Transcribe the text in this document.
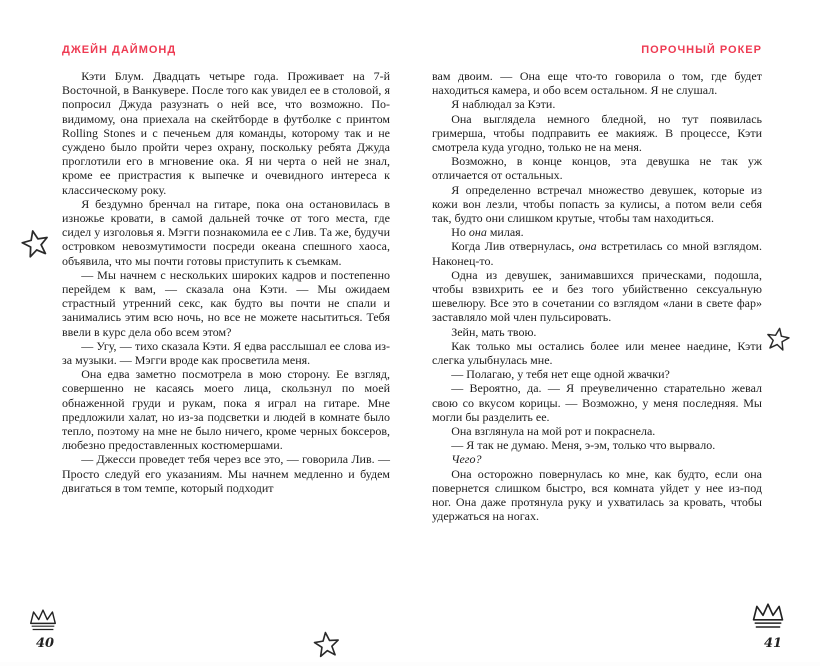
ДЖЕЙН ДАЙМОНД

Кэти Блум. Двадцать четыре года. Проживает на 7-й Восточной, в Ванкувере. После того как увидел ее в столовой, я попросил Джуда разузнать о ней все, что возможно. По-видимому, она приехала на скейтборде в футболке с принтом Rolling Stones и с печеньем для команды, которому так и не суждено было пройти через охрану, поскольку ребята Джуда проглотили его в мгновение ока. Я ни черта о ней не знал, кроме ее пристрастия к выпечке и очевидного интереса к классическому року.

Я бездумно бренчал на гитаре, пока она остановилась в изножье кровати, в самой дальней точке от того места, где сидел у изголовья я. Мэгги познакомила ее с Лив. Та же, будучи островком невозмутимости посреди океана спешного хаоса, объявила, что мы почти готовы приступить к съемкам.

— Мы начнем с нескольких широких кадров и постепенно перейдем к вам, — сказала она Кэти. — Мы ожидаем страстный утренний секс, как будто вы почти не спали и занимались этим всю ночь, но все не можете насытиться. Тебя ввели в курс дела обо всем этом?

— Угу, — тихо сказала Кэти. Я едва расслышал ее слова из-за музыки. — Мэгги вроде как просветила меня.

Она едва заметно посмотрела в мою сторону. Ее взгляд, совершенно не касаясь моего лица, скользнул по моей обнаженной груди и рукам, пока я играл на гитаре. Мне предложили халат, но из-за подсветки и людей в комнате было тепло, поэтому на мне не было ничего, кроме черных боксеров, любезно предоставленных костюмершами.

— Джесси проведет тебя через все это, — говорила Лив. — Просто следуй его указаниям. Мы начнем медленно и будем двигаться в том темпе, который подходит

ПОРОЧНЫЙ РОКЕР

вам двоим. — Она еще что-то говорила о том, где будет находиться камера, и обо всем остальном. Я не слушал.

Я наблюдал за Кэти.

Она выглядела немного бледной, но тут появилась гримерша, чтобы подправить ее макияж. В процессе, Кэти смотрела куда угодно, только не на меня.

Возможно, в конце концов, эта девушка не так уж отличается от остальных.

Я определенно встречал множество девушек, которые из кожи вон лезли, чтобы попасть за кулисы, а потом вели себя так, будто они слишком крутые, чтобы там находиться.

Но она милая.

Когда Лив отвернулась, она встретилась со мной взглядом. Наконец-то.

Одна из девушек, занимавшихся прическами, подошла, чтобы взвихрить ее и без того убийственно сексуальную шевелюру. Все это в сочетании со взглядом «лани в свете фар» заставляло мой член пульсировать.

Зейн, мать твою.

Как только мы остались более или менее наедине, Кэти слегка улыбнулась мне.

— Полагаю, у тебя нет еще одной жвачки?

— Вероятно, да. — Я преувеличенно старательно жевал свою со вкусом корицы. — Возможно, у меня последняя. Мы могли бы разделить ее.

Она взглянула на мой рот и покраснела.

— Я так не думаю. Меня, э-эм, только что вырвало.

Чего?

Она осторожно повернулась ко мне, как будто, если она повернется слишком быстро, вся комната уйдет у нее из-под ног. Она даже протянула руку и ухватилась за кровать, чтобы удержаться на ногах.

40	41
